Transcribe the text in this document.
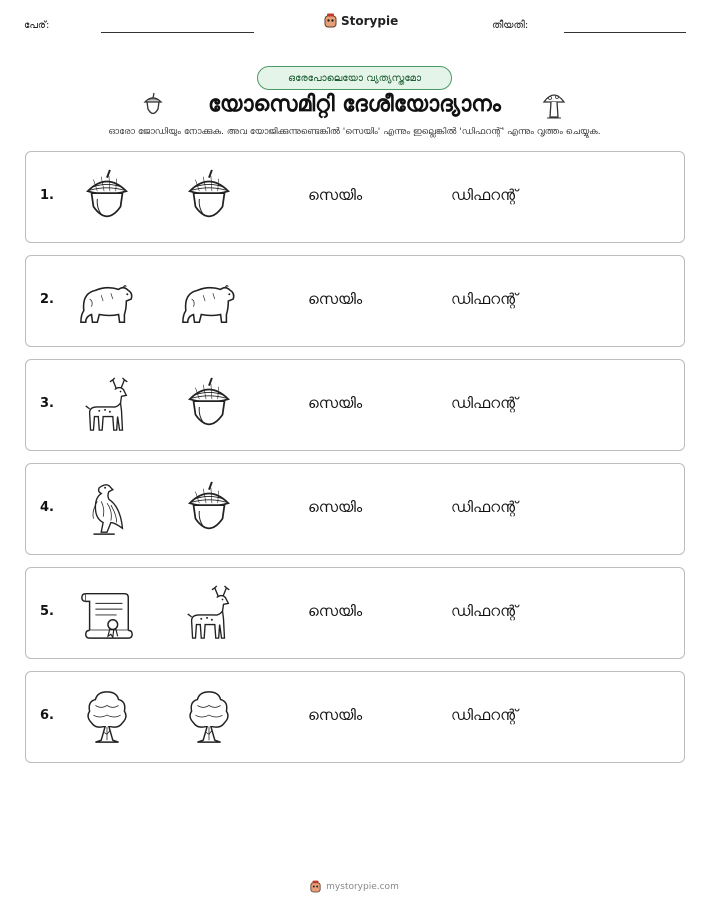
പേര്:	Storypie	തീയതി:
ഒരേപോലെയോ വ്യത്യസ്തമോ
യോസെമിറ്റി ദേശീയോദ്യാനം
ഓരോ ജോഡിയും നോക്കുക. അവ യോജിക്കുന്നുണ്ടെങ്കിൽ 'സെയിം' എന്നും ഇല്ലെങ്കിൽ 'ഡിഫറന്റ്' എന്നും വൃത്തം ചെയ്യുക.
1.	സെയിം	ഡിഫറന്റ്
2.	സെയിം	ഡിഫറന്റ്
3.	സെയിം	ഡിഫറന്റ്
4.	സെയിം	ഡിഫറന്റ്
5.	സെയിം	ഡിഫറന്റ്
6.	സെയിം	ഡിഫറന്റ്
mystorypie.com
